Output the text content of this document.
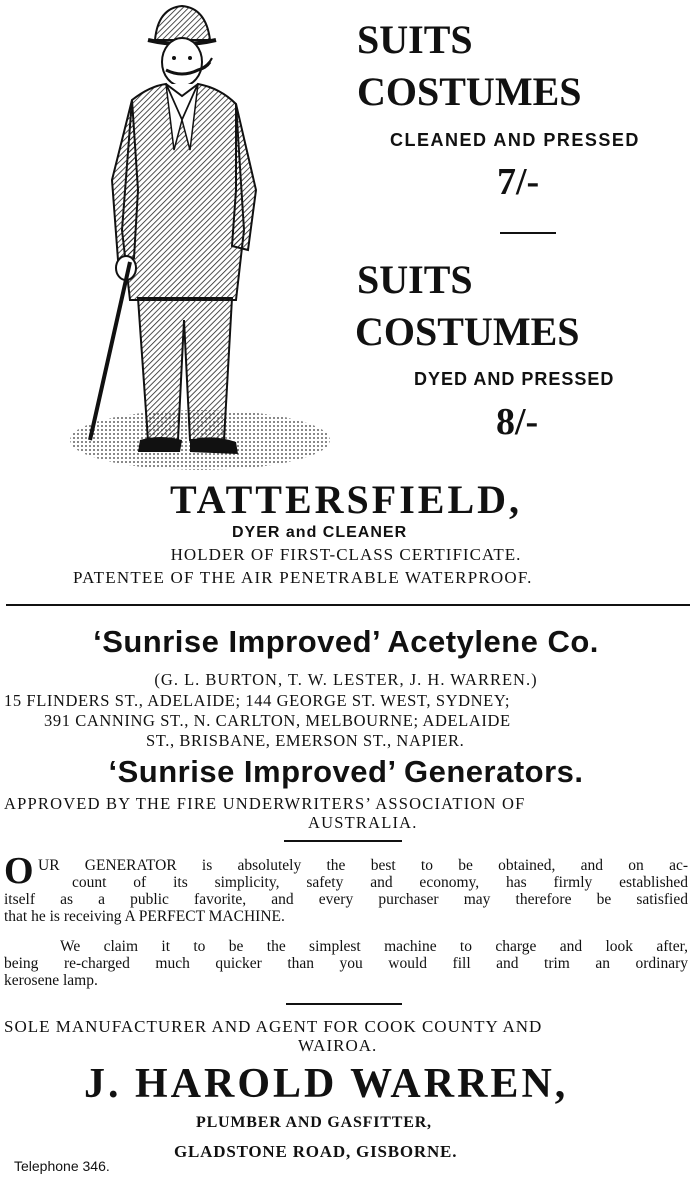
SUITS
COSTUMES
CLEANED AND PRESSED
7/-
SUITS
COSTUMES
DYED AND PRESSED
8/-
TATTERSFIELD,
DYER and CLEANER
HOLDER OF FIRST-CLASS CERTIFICATE.
PATENTEE OF THE AIR PENETRABLE WATERPROOF.
‘Sunrise Improved’ Acetylene Co.
(G. L. BURTON, T. W. LESTER, J. H. WARREN.)
15 FLINDERS ST., ADELAIDE; 144 GEORGE ST. WEST, SYDNEY;
391 CANNING ST., N. CARLTON, MELBOURNE; ADELAIDE
ST., BRISBANE, EMERSON ST., NAPIER.
‘Sunrise Improved’ Generators.
APPROVED BY THE FIRE UNDERWRITERS’ ASSOCIATION OF
AUSTRALIA.
O UR GENERATOR is absolutely the best to be obtained, and on ac-
count of its simplicity, safety and economy, has firmly established
itself as a public favorite, and every purchaser may therefore be satisfied
that he is receiving A PERFECT MACHINE.
We claim it to be the simplest machine to charge and look after,
being re-charged much quicker than you would fill and trim an ordinary
kerosene lamp.
SOLE MANUFACTURER AND AGENT FOR COOK COUNTY AND
WAIROA.
J. HAROLD WARREN,
PLUMBER AND GASFITTER,
GLADSTONE ROAD, GISBORNE.
Telephone 346.
